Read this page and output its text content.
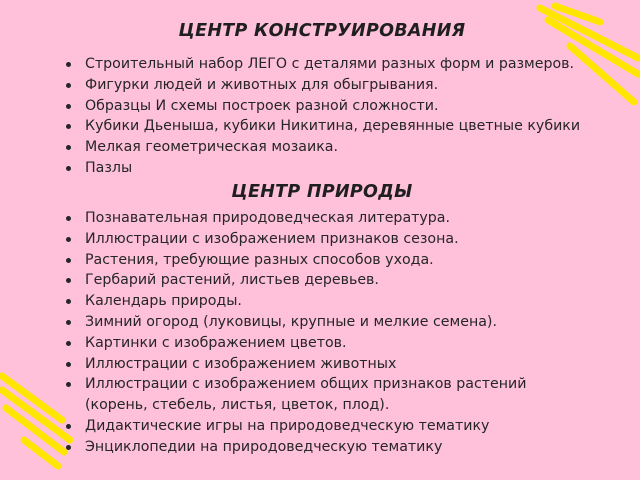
ЦЕНТР КОНСТРУИРОВАНИЯ
Строительный набор ЛЕГО с деталями разных форм и размеров.
Фигурки людей и животных для обыгрывания.
Образцы И схемы построек разной сложности.
Кубики Дьеныша, кубики Никитина, деревянные цветные кубики
Мелкая геометрическая мозаика.
Пазлы
ЦЕНТР ПРИРОДЫ
Познавательная природоведческая литература.
Иллюстрации с изображением признаков сезона.
Растения, требующие разных способов ухода.
Гербарий растений, листьев деревьев.
Календарь природы.
Зимний огород (луковицы, крупные и мелкие семена).
Картинки с изображением цветов.
Иллюстрации с изображением животных
Иллюстрации с изображением общих признаков растений
(корень, стебель, листья, цветок, плод).
Дидактические игры на природоведческую тематику
Энциклопедии на природоведческую тематику
